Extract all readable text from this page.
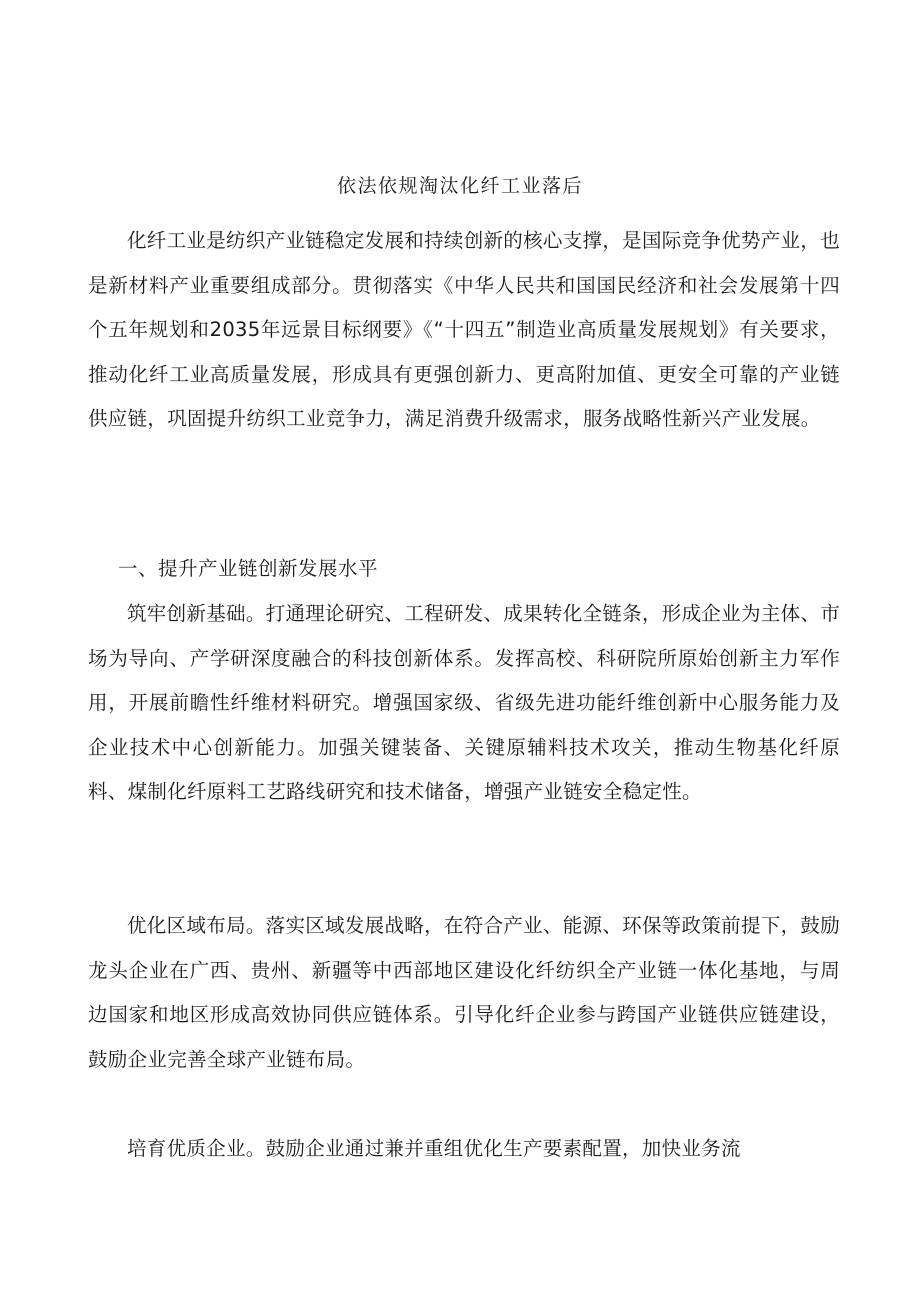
依法依规淘汰化纤工业落后

化纤工业是纺织产业链稳定发展和持续创新的核心支撑，是国际竞争优势产业，也是新材料产业重要组成部分。贯彻落实《中华人民共和国国民经济和社会发展第十四个五年规划和2035年远景目标纲要》《“十四五”制造业高质量发展规划》有关要求，推动化纤工业高质量发展，形成具有更强创新力、更高附加值、更安全可靠的产业链供应链，巩固提升纺织工业竞争力，满足消费升级需求，服务战略性新兴产业发展。

一、提升产业链创新发展水平

筑牢创新基础。打通理论研究、工程研发、成果转化全链条，形成企业为主体、市场为导向、产学研深度融合的科技创新体系。发挥高校、科研院所原始创新主力军作用，开展前瞻性纤维材料研究。增强国家级、省级先进功能纤维创新中心服务能力及企业技术中心创新能力。加强关键装备、关键原辅料技术攻关，推动生物基化纤原料、煤制化纤原料工艺路线研究和技术储备，增强产业链安全稳定性。

优化区域布局。落实区域发展战略，在符合产业、能源、环保等政策前提下，鼓励龙头企业在广西、贵州、新疆等中西部地区建设化纤纺织全产业链一体化基地，与周边国家和地区形成高效协同供应链体系。引导化纤企业参与跨国产业链供应链建设，鼓励企业完善全球产业链布局。

培育优质企业。鼓励企业通过兼并重组优化生产要素配置，加快业务流
